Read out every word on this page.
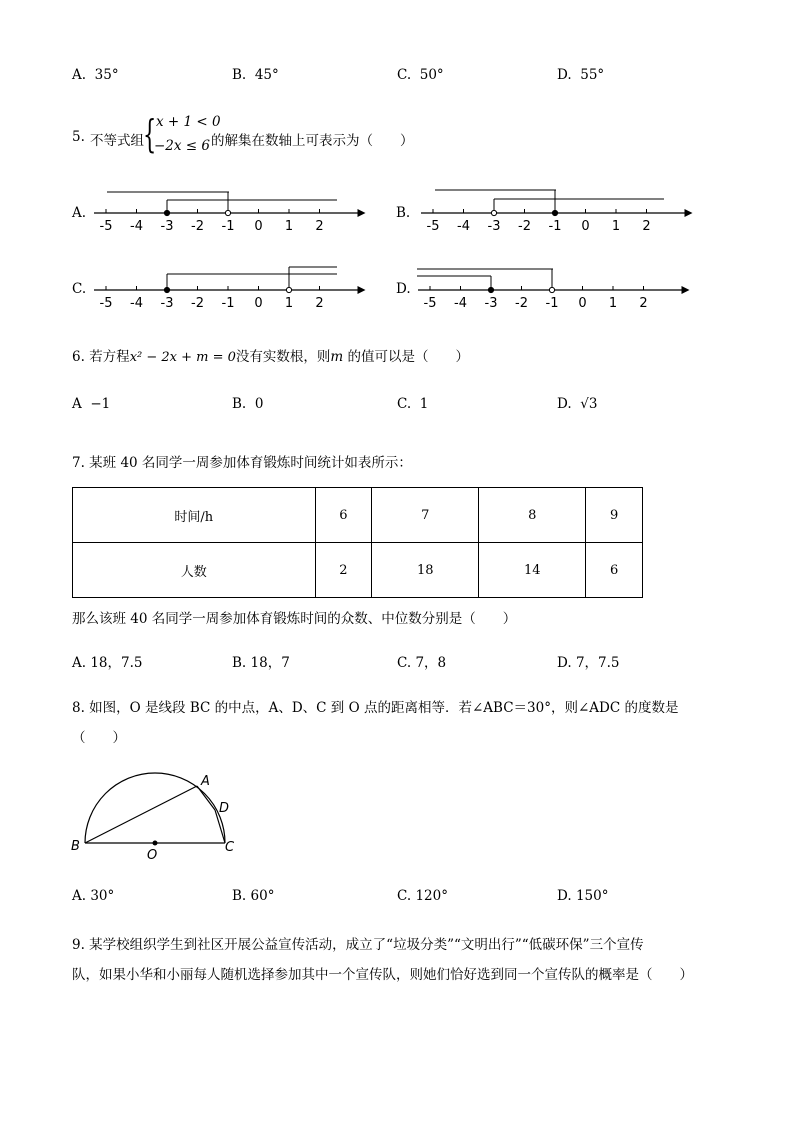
A. 35°	B. 45°	C. 50°	D. 55°
5. 不等式组 { x + 1 < 0
−2x ≤ 6 的解集在数轴上可表示为（　　）
A.
-5 -4 -3 -2 -1 0 1 2
B.
-5 -4 -3 -2 -1 0 1 2
C.
-5 -4 -3 -2 -1 0 1 2
D.
-5 -4 -3 -2 -1 0 1 2
6. 若方程x² − 2x + m = 0没有实数根，则m 的值可以是（　　）
A −1	B. 0	C. 1	D. √3
7. 某班 40 名同学一周参加体育锻炼时间统计如表所示：
时间/h	6	7	8	9
人数	2	18	14	6
那么该班 40 名同学一周参加体育锻炼时间的众数、中位数分别是（　　）
A. 18，7.5	B. 18，7	C. 7，8	D. 7，7.5
8. 如图，O 是线段 BC 的中点，A、D、C 到 O 点的距离相等．若∠ABC＝30°，则∠ADC 的度数是
（　　）
A
B	C
D
O
A. 30°	B. 60°	C. 120°	D. 150°
9. 某学校组织学生到社区开展公益宣传活动，成立了“垃圾分类”“文明出行”“低碳环保”三个宣传
队，如果小华和小丽每人随机选择参加其中一个宣传队，则她们恰好选到同一个宣传队的概率是（　　）
